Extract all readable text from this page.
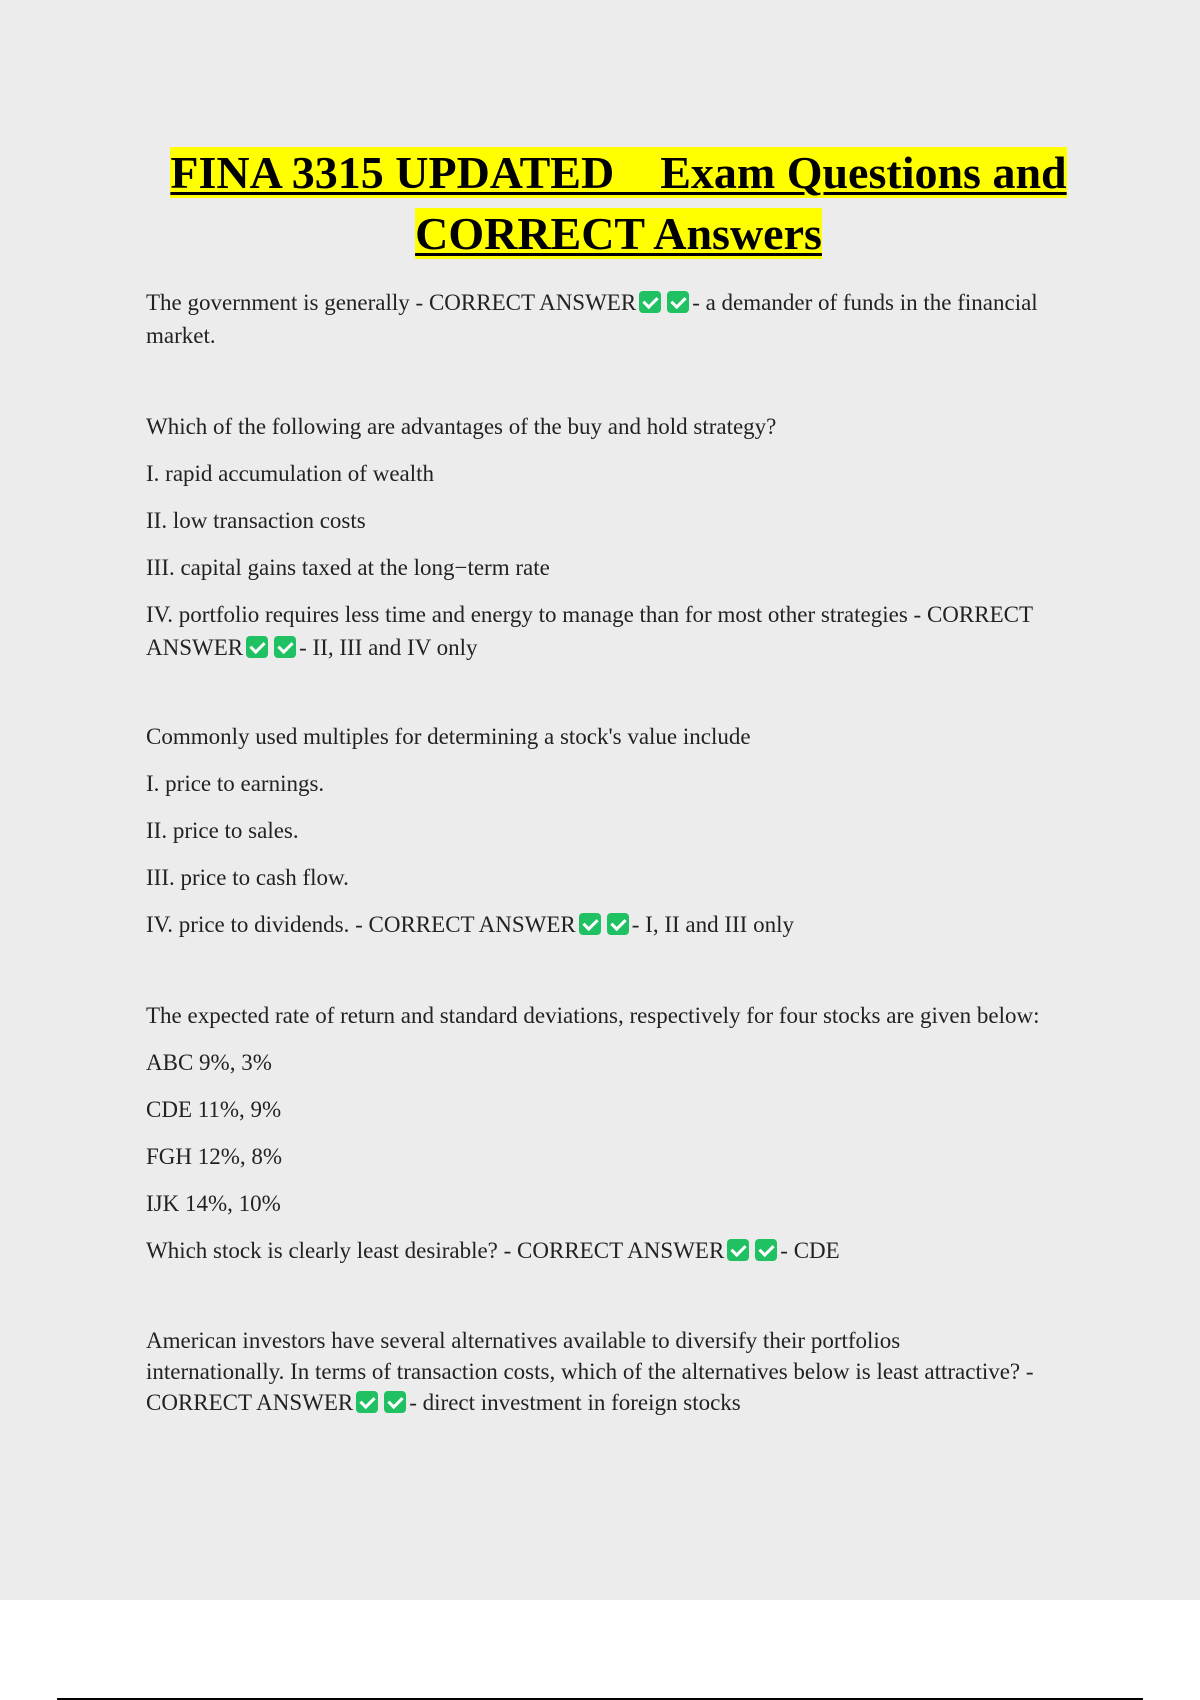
FINA 3315 UPDATED    Exam Questions and
CORRECT Answers

The government is generally - CORRECT ANSWER - a demander of funds in the financial market.

Which of the following are advantages of the buy and hold strategy?

I. rapid accumulation of wealth

II. low transaction costs

III. capital gains taxed at the long−term rate

IV. portfolio requires less time and energy to manage than for most other strategies - CORRECT
ANSWER - II, III and IV only

Commonly used multiples for determining a stock's value include

I. price to earnings.

II. price to sales.

III. price to cash flow.

IV. price to dividends. - CORRECT ANSWER - I, II and III only

The expected rate of return and standard deviations, respectively for four stocks are given below:

ABC 9%, 3%

CDE 11%, 9%

FGH 12%, 8%

IJK 14%, 10%

Which stock is clearly least desirable? - CORRECT ANSWER - CDE

American investors have several alternatives available to diversify their portfolios

internationally. In terms of transaction costs, which of the alternatives below is least attractive? -

CORRECT ANSWER - direct investment in foreign stocks
